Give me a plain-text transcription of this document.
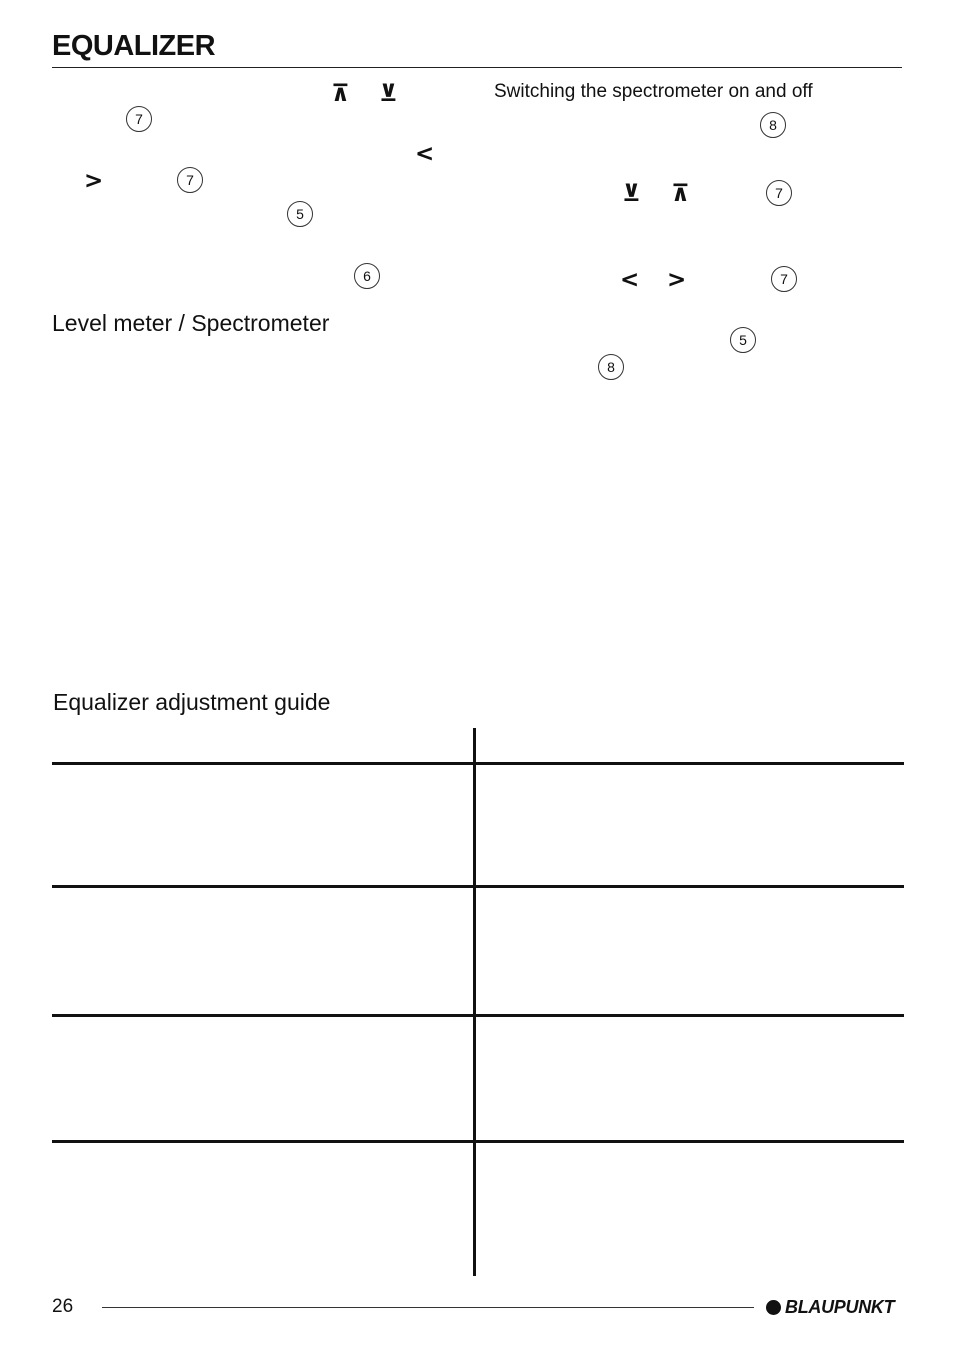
EQUALIZER
⊼ ⊻
7
<
>	7
5
6
Level meter / Spectrometer
Switching the spectrometer on and off
8
⊻ ⊼	7
< >	7
5
8
Equalizer adjustment guide
26	BLAUPUNKT
